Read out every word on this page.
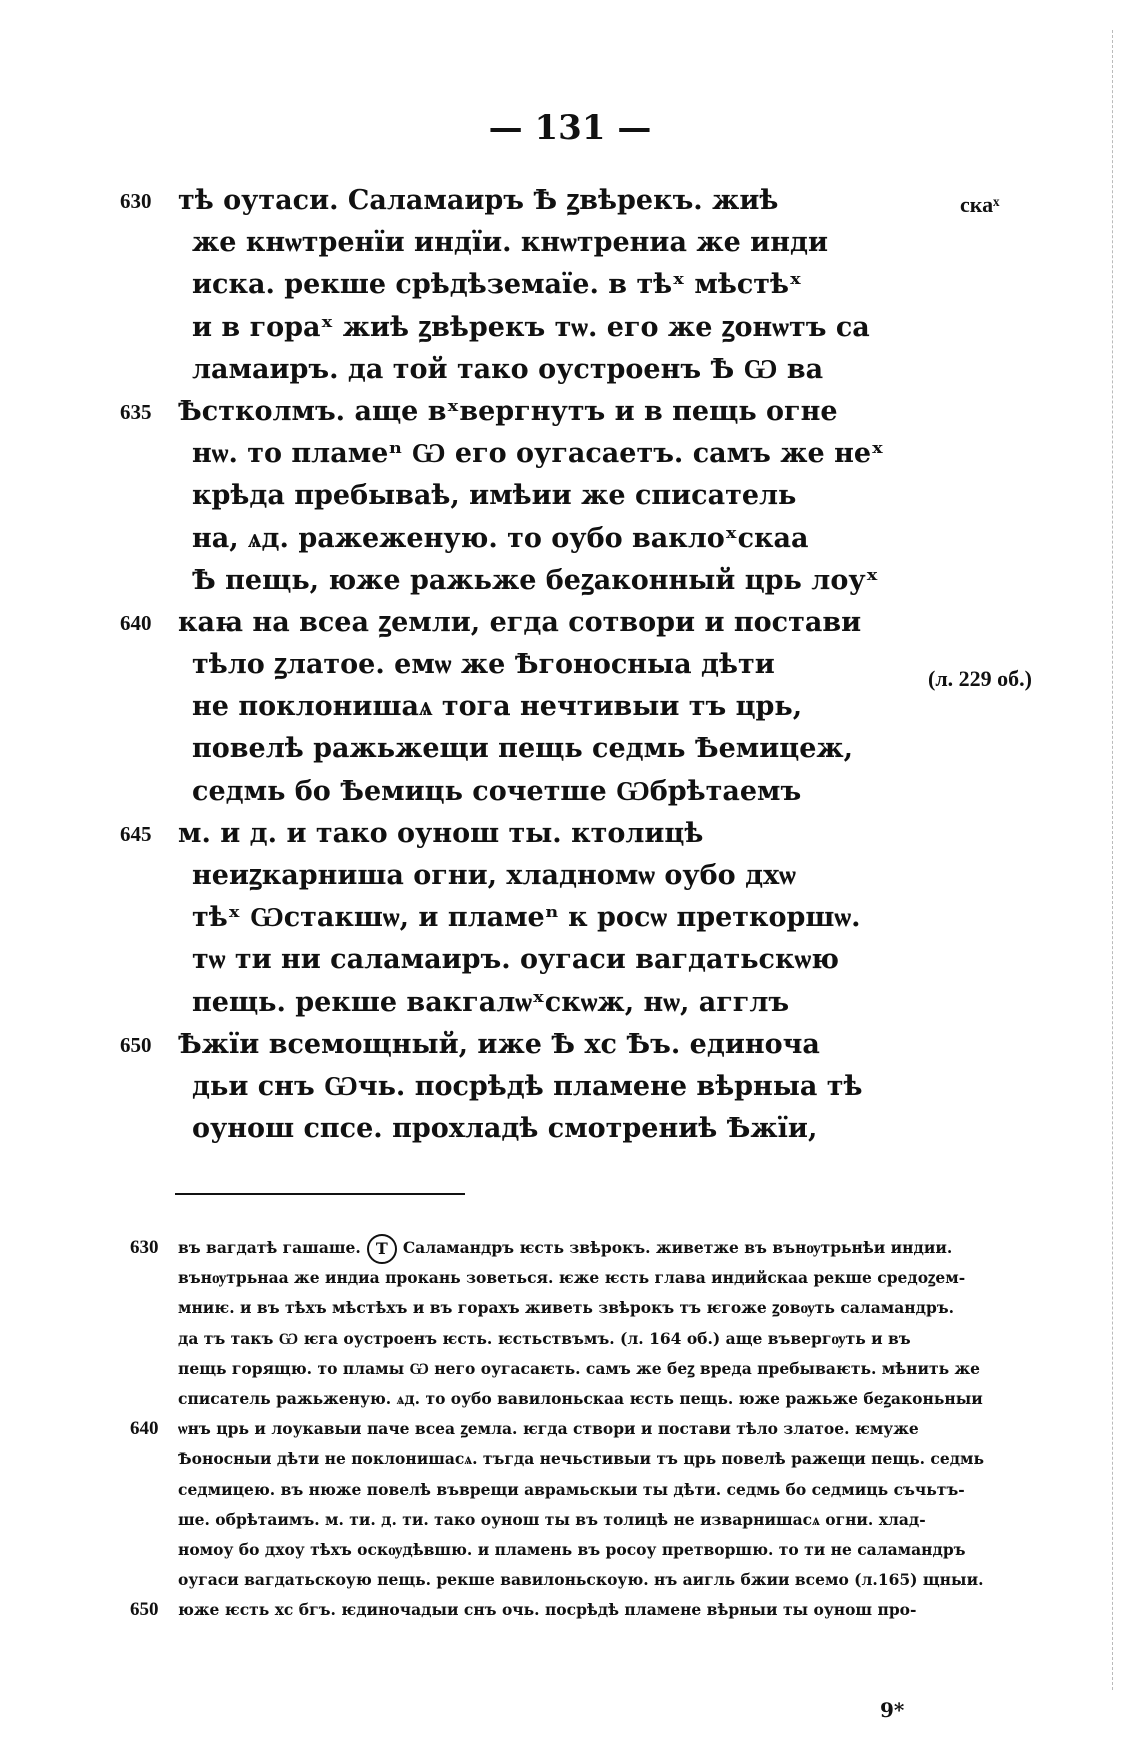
— 131 —
630 тѣ оутаси. Саламаиръ Ѣ ꙁвѣрекъ. жиѣ
же кнѡтренїи индїи. кнѡтрениа же инди
иска. рекше срѣдѣземаїе. в тѣˣ мѣстѣˣ
и в гораˣ жиѣ ꙁвѣрекъ тѡ. его же ꙁонѡтъ са
ламаиръ. да той тако оустроенъ Ѣ Ѡ ва
635 Ѣстколмъ. аще вˣвергнутъ и в пещь огне
нѡ. то пламеⁿ Ѡ его оугасаетъ. самъ же неˣ
крѣда пребываѣ, имѣии же списатель
на, ѧд. ражеженую. то оубо ваклоˣскаа
Ѣ пещь, юже ражьже беꙁаконный црь лоуˣ
640 каꙗ на всеа ꙁемли, егда сотвори и постави
тѣло ꙁлатое. емѡ же Ѣгоносныа дѣти
не поклонишаѧ тога нечтивыи тъ црь,
повелѣ ражьжещи пещь седмь Ѣемицеж,
седмь бо Ѣемиць сочетше Ѡбрѣтаемъ
645 м. и д. и тако оунош ты. ктолицѣ
неиꙁкарниша огни, хладномѡ оубо дхѡ
тѣˣ Ѡстакшѡ, и пламеⁿ к росѡ преткоршѡ.
тѡ ти ни саламаиръ. оугаси вагдатьскѡю
пещь. рекше вакгалѡˣскѡж, нѡ, агглъ
650 Ѣжїи всемощный, иже Ѣ хс Ѣъ. единоча
дьи снъ Ѡчь. посрѣдѣ пламене вѣрныа тѣ
оунош спсе. прохладѣ смотрениѣ Ѣжїи,
скаˣ
(л. 229 об.)
630 въ вагдатѣ гашаше. Т Саламандръ ѥсть звѣрокъ. живетже въ вънѹтрьнѣи индии.
вънѹтрьнаа же индиа прокань зоветься. ѥже ѥсть глава индийскаа рекше средоꙁем-
мниѥ. и въ тѣхъ мѣстѣхъ и въ горахъ живеть звѣрокъ тъ ѥгоже ꙁовѹть саламандръ.
да тъ такъ Ѡ ѥга оустроенъ ѥсть. ѥстьствъмъ. (л. 164 об.) аще въвергѹть и въ
пещь горящю. то пламы Ѡ него оугасаѥть. самъ же беꙁ вреда пребываѥть. мѣнить же
списатель ражьженую. ѧд. то оубо вавилоньскаа ѥсть пещь. юже ражьже беꙁаконьныи
640 ѡнъ црь и лоукавыи паче всеа ꙁемла. ѥгда створи и постави тѣло златое. ѥмуже
Ѣоносныи дѣти не поклонишасѧ. тъгда нечьстивыи тъ црь повелѣ ражещи пещь. седмь
седмицею. въ нюже повелѣ въврещи аврамьскыи ты дѣти. седмь бо седмиць съчьтъ-
ше. обрѣтаимъ. м. ти. д. ти. тако оунош ты въ толицѣ не изварнишасѧ огни. хлад-
номоу бо дхоу тѣхъ оскѹдѣвшю. и пламень въ росоу претворшю. то ти не саламандръ
оугаси вагдатьскоую пещь. рекше вавилоньскоую. нъ аигль бжии всемо (л.165) щныи.
650 юже ѥсть хс бгъ. ѥдиночадыи снъ очь. посрѣдѣ пламене вѣрныи ты оунош про-
9*
